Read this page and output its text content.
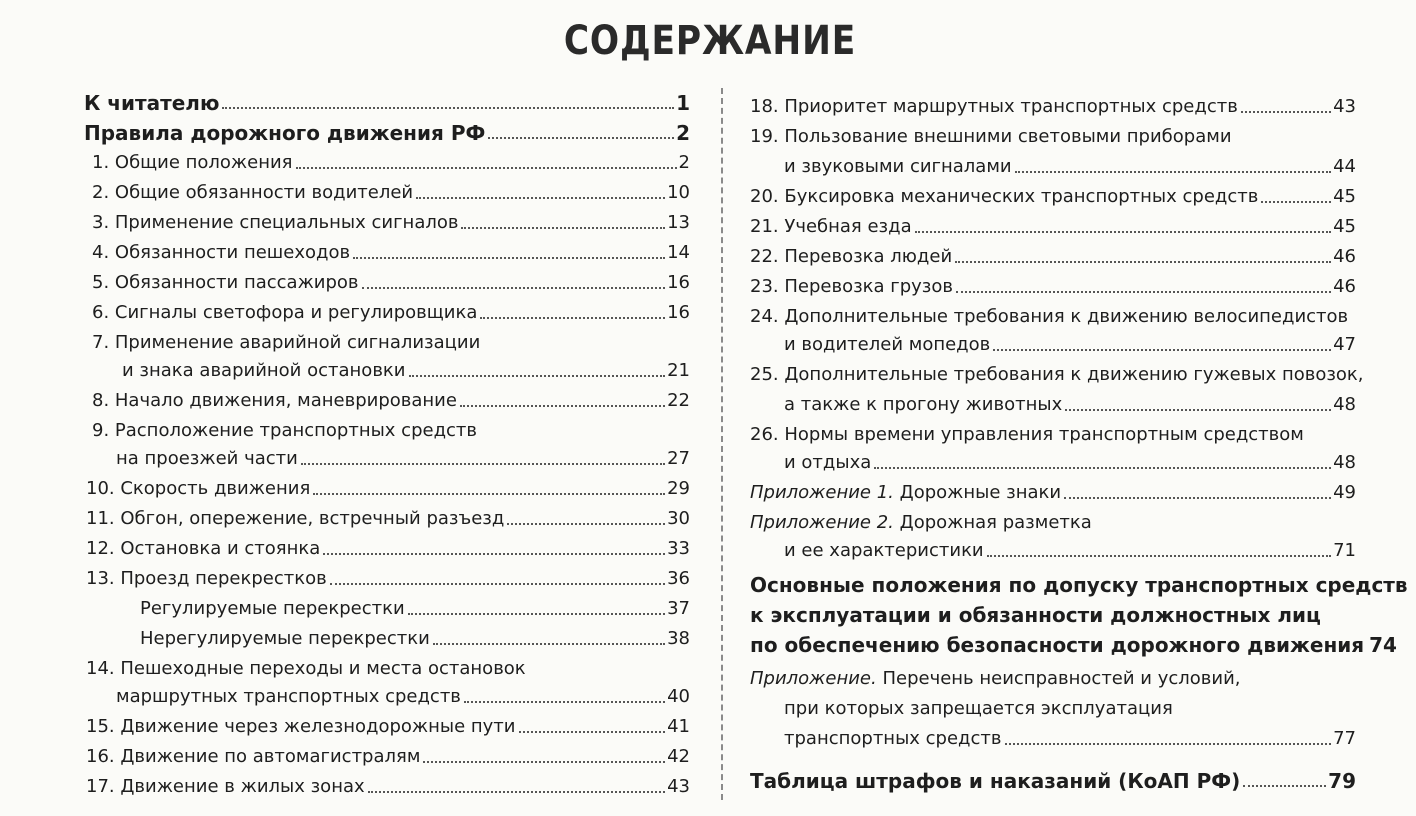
СОДЕРЖАНИЕ
К читателю	1
Правила дорожного движения РФ	2
1. Общие положения	2
2. Общие обязанности водителей	10
3. Применение специальных сигналов	13
4. Обязанности пешеходов	14
5. Обязанности пассажиров	16
6. Сигналы светофора и регулировщика	16
7. Применение аварийной сигнализации
и знака аварийной остановки	21
8. Начало движения, маневрирование	22
9. Расположение транспортных средств
на проезжей части	27
10. Скорость движения	29
11. Обгон, опережение, встречный разъезд	30
12. Остановка и стоянка	33
13. Проезд перекрестков	36
Регулируемые перекрестки	37
Нерегулируемые перекрестки	38
14. Пешеходные переходы и места остановок
маршрутных транспортных средств	40
15. Движение через железнодорожные пути	41
16. Движение по автомагистралям	42
17. Движение в жилых зонах	43
18. Приоритет маршрутных транспортных средств	43
19. Пользование внешними световыми приборами
и звуковыми сигналами	44
20. Буксировка механических транспортных средств	45
21. Учебная езда	45
22. Перевозка людей	46
23. Перевозка грузов	46
24. Дополнительные требования к движению велосипедистов
и водителей мопедов	47
25. Дополнительные требования к движению гужевых повозок,
а также к прогону животных	48
26. Нормы времени управления транспортным средством
и отдыха	48
Приложение 1. Дорожные знаки	49
Приложение 2. Дорожная разметка
и ее характеристики	71
Основные положения по допуску транспортных средств
к эксплуатации и обязанности должностных лиц
по обеспечению безопасности дорожного движения 74
Приложение. Перечень неисправностей и условий,
при которых запрещается эксплуатация
транспортных средств	77
Таблица штрафов и наказаний (КоАП РФ)	79
